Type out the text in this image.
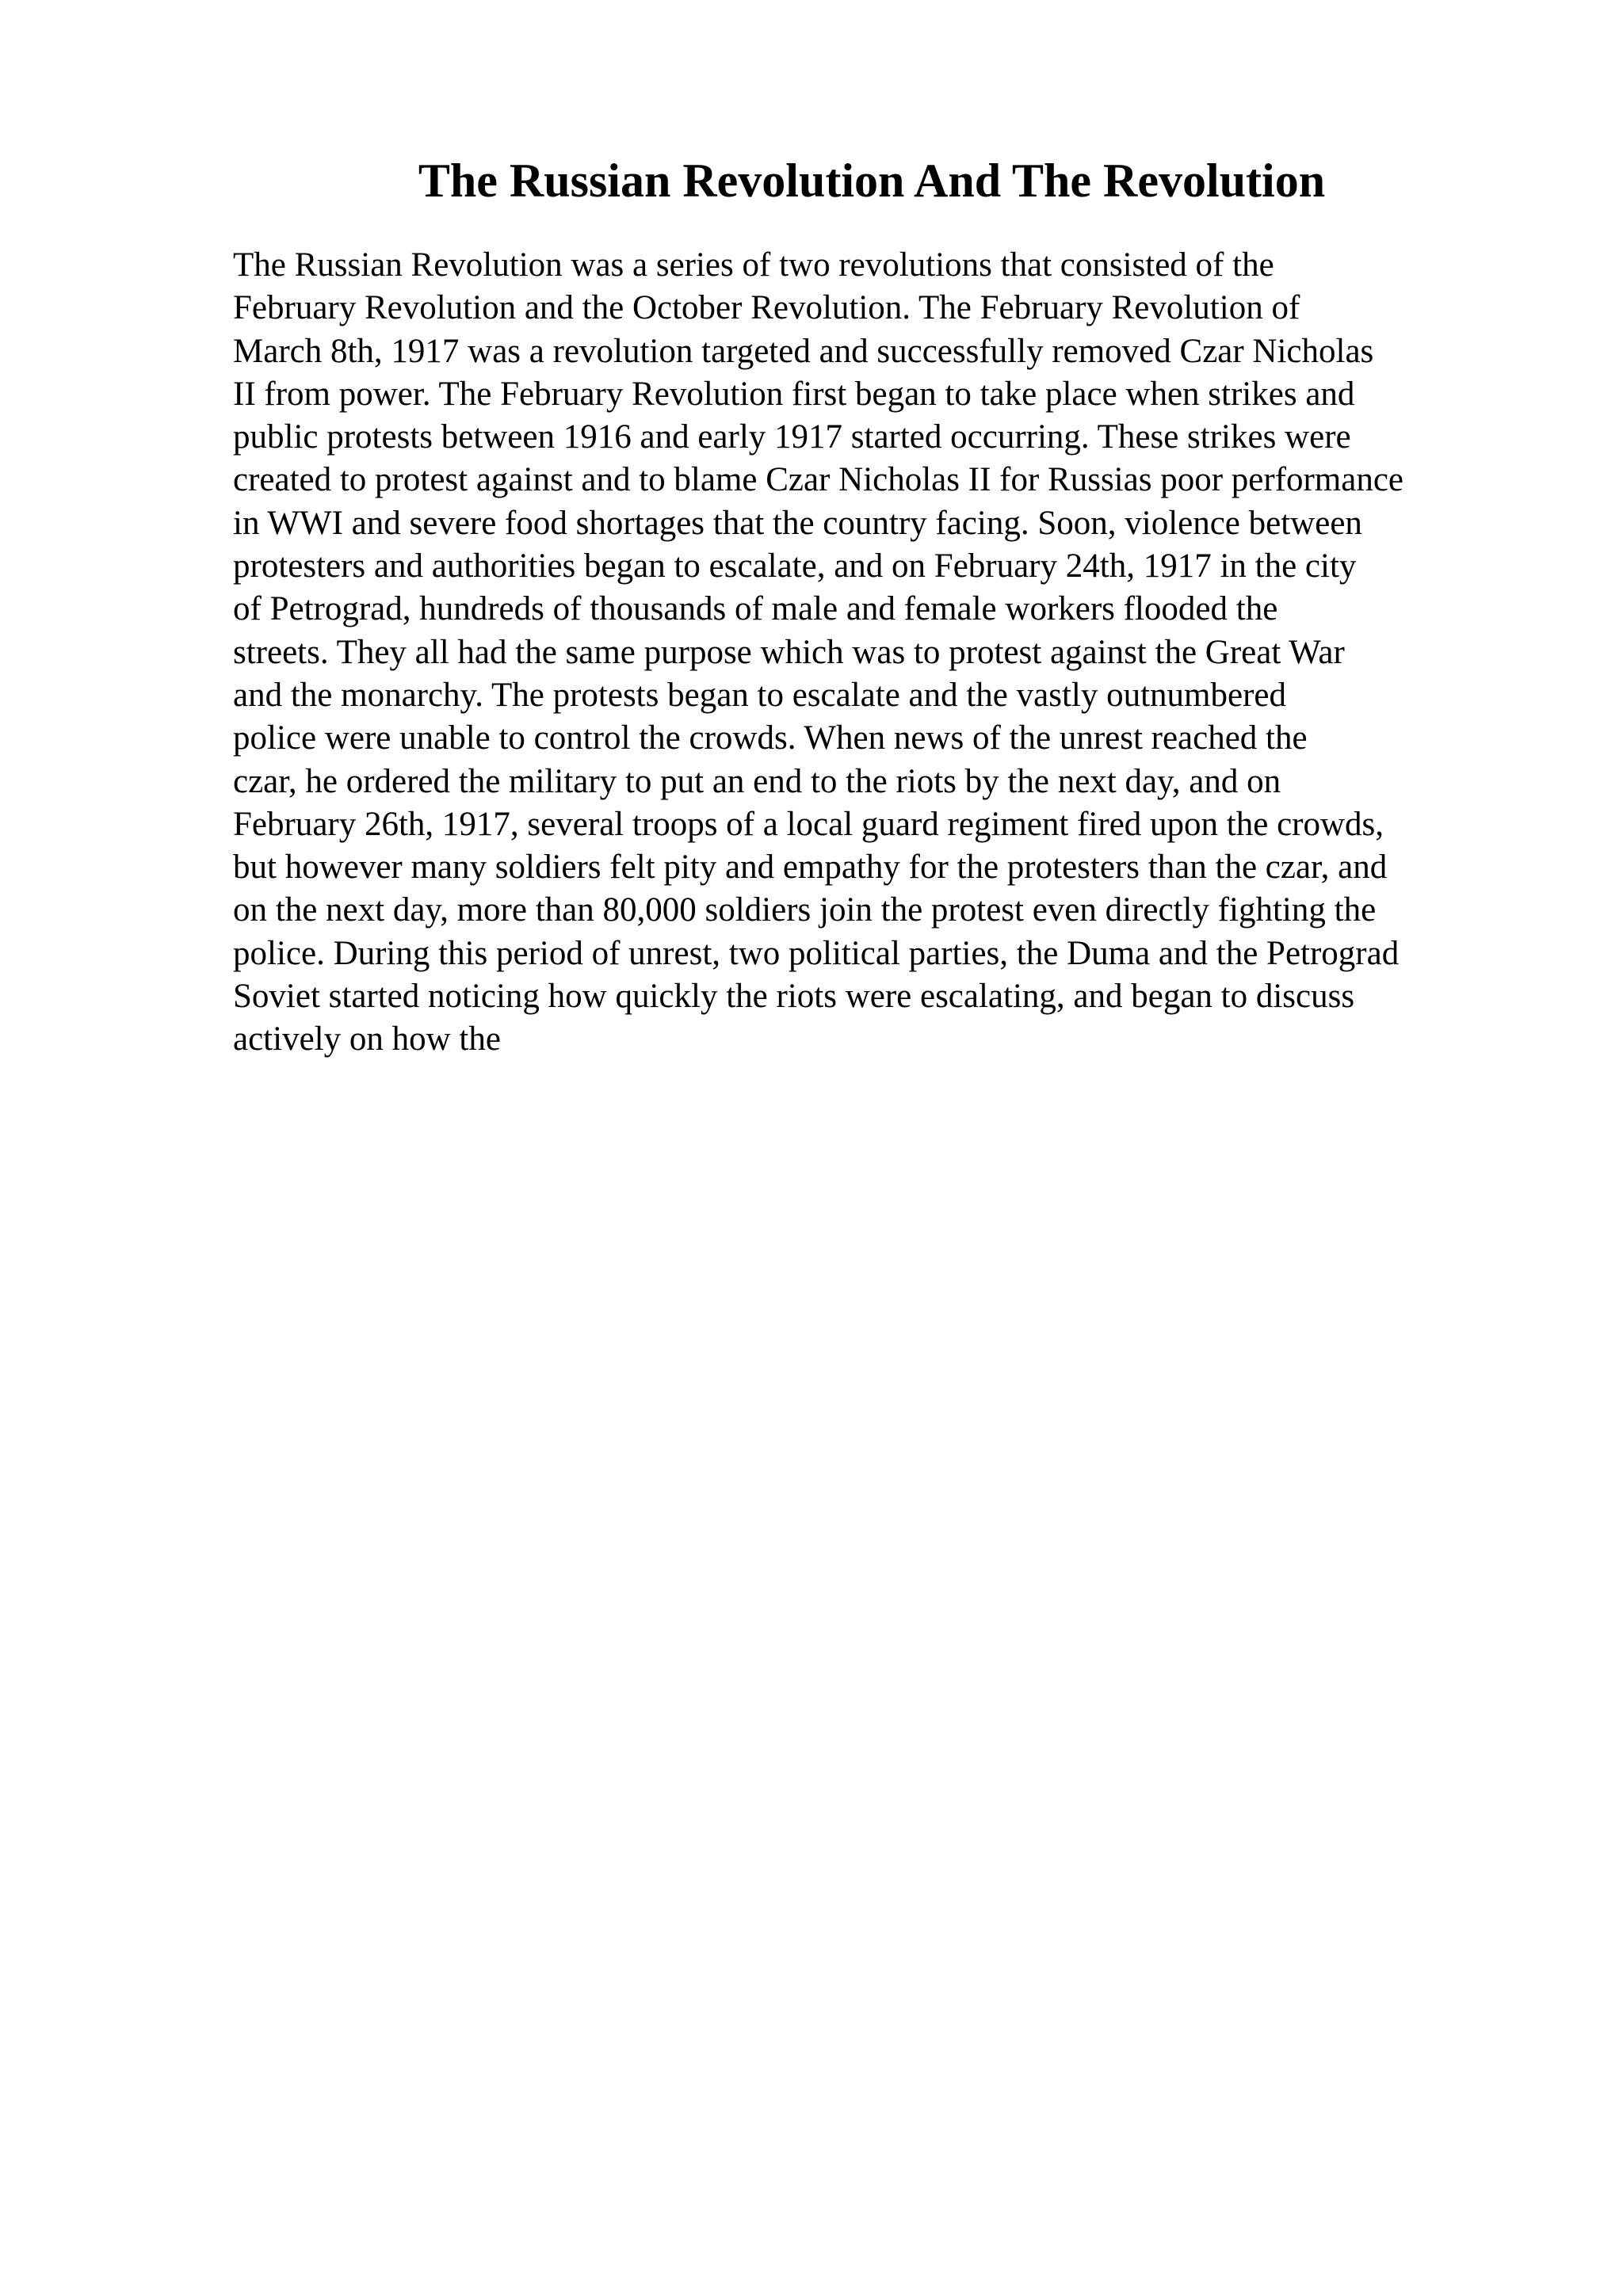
The Russian Revolution And The Revolution
The Russian Revolution was a series of two revolutions that consisted of the
February Revolution and the October Revolution. The February Revolution of
March 8th, 1917 was a revolution targeted and successfully removed Czar Nicholas
II from power. The February Revolution first began to take place when strikes and
public protests between 1916 and early 1917 started occurring. These strikes were
created to protest against and to blame Czar Nicholas II for Russias poor performance
in WWI and severe food shortages that the country facing. Soon, violence between
protesters and authorities began to escalate, and on February 24th, 1917 in the city
of Petrograd, hundreds of thousands of male and female workers flooded the
streets. They all had the same purpose which was to protest against the Great War
and the monarchy. The protests began to escalate and the vastly outnumbered
police were unable to control the crowds. When news of the unrest reached the
czar, he ordered the military to put an end to the riots by the next day, and on
February 26th, 1917, several troops of a local guard regiment fired upon the crowds,
but however many soldiers felt pity and empathy for the protesters than the czar, and
on the next day, more than 80,000 soldiers join the protest even directly fighting the
police. During this period of unrest, two political parties, the Duma and the Petrograd
Soviet started noticing how quickly the riots were escalating, and began to discuss
actively on how the
